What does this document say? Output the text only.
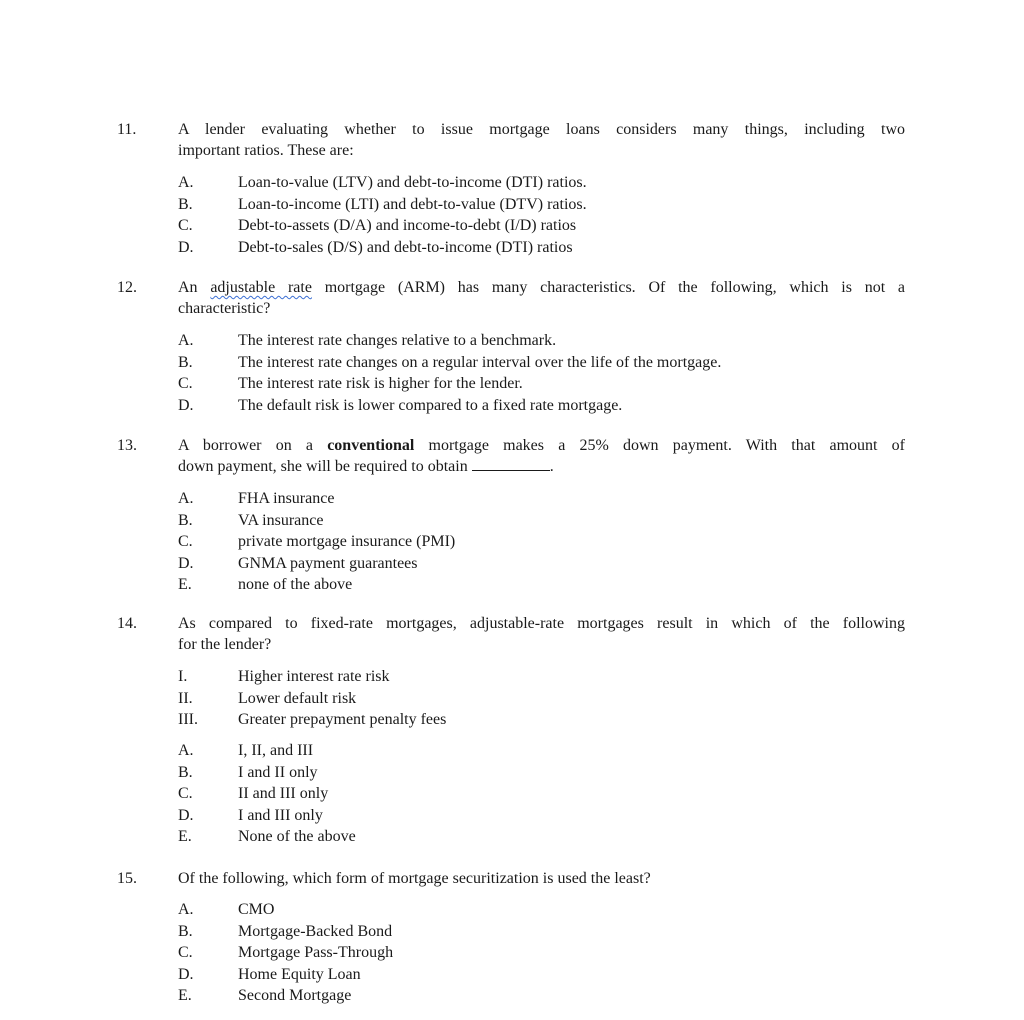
11.	A lender evaluating whether to issue mortgage loans considers many things, including two
important ratios. These are:
A.	Loan-to-value (LTV) and debt-to-income (DTI) ratios.
B.	Loan-to-income (LTI) and debt-to-value (DTV) ratios.
C.	Debt-to-assets (D/A) and income-to-debt (I/D) ratios
D.	Debt-to-sales (D/S) and debt-to-income (DTI) ratios
12.	An adjustable rate mortgage (ARM) has many characteristics. Of the following, which is not a
characteristic?
A.	The interest rate changes relative to a benchmark.
B.	The interest rate changes on a regular interval over the life of the mortgage.
C.	The interest rate risk is higher for the lender.
D.	The default risk is lower compared to a fixed rate mortgage.
13.	A borrower on a conventional mortgage makes a 25% down payment. With that amount of
down payment, she will be required to obtain	.
A.	FHA insurance
B.	VA insurance
C.	private mortgage insurance (PMI)
D.	GNMA payment guarantees
E.	none of the above
14.	As compared to fixed-rate mortgages, adjustable-rate mortgages result in which of the following
for the lender?
I.	Higher interest rate risk
II.	Lower default risk
III.	Greater prepayment penalty fees
A.	I, II, and III
B.	I and II only
C.	II and III only
D.	I and III only
E.	None of the above
15.	Of the following, which form of mortgage securitization is used the least?
A.	CMO
B.	Mortgage-Backed Bond
C.	Mortgage Pass-Through
D.	Home Equity Loan
E.	Second Mortgage
